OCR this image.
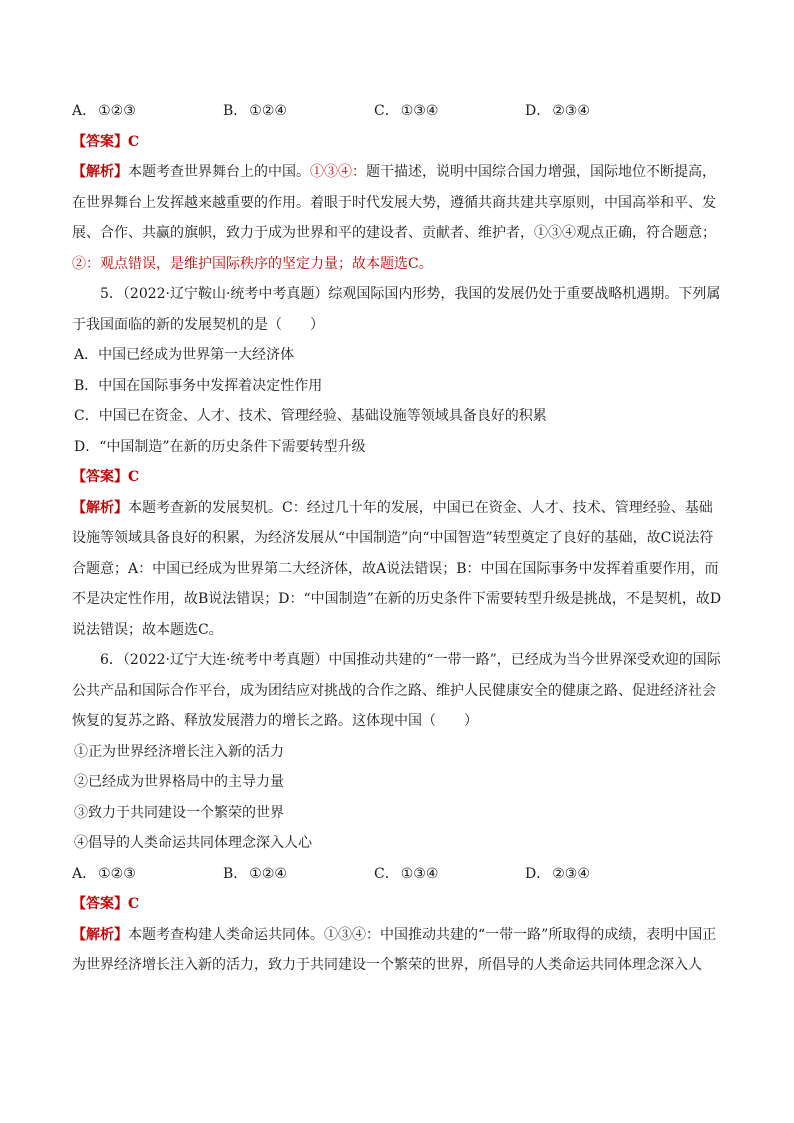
A． ①②③	B． ①②④	C． ①③④	D． ②③④
【答案】C
【解析】本题考查世界舞台上的中国。①③④：题干描述，说明中国综合国力增强，国际地位不断提高，在世界舞台上发挥越来越重要的作用。着眼于时代发展大势，遵循共商共建共享原则，中国高举和平、发展、合作、共赢的旗帜，致力于成为世界和平的建设者、贡献者、维护者，①③④观点正确，符合题意；②：观点错误，是维护国际秩序的坚定力量；故本题选C。
5．（2022·辽宁鞍山·统考中考真题）综观国际国内形势，我国的发展仍处于重要战略机遇期。下列属于我国面临的新的发展契机的是（　　）
A．中国已经成为世界第一大经济体
B．中国在国际事务中发挥着决定性作用
C．中国已在资金、人才、技术、管理经验、基础设施等领域具备良好的积累
D．“中国制造”在新的历史条件下需要转型升级
【答案】C
【解析】本题考查新的发展契机。C：经过几十年的发展，中国已在资金、人才、技术、管理经验、基础设施等领域具备良好的积累，为经济发展从“中国制造”向“中国智造”转型奠定了良好的基础，故C说法符合题意；A：中国已经成为世界第二大经济体，故A说法错误；B：中国在国际事务中发挥着重要作用，而不是决定性作用，故B说法错误；D：“中国制造”在新的历史条件下需要转型升级是挑战，不是契机，故D说法错误；故本题选C。
6．（2022·辽宁大连·统考中考真题）中国推动共建的“一带一路”，已经成为当今世界深受欢迎的国际公共产品和国际合作平台，成为团结应对挑战的合作之路、维护人民健康安全的健康之路、促进经济社会恢复的复苏之路、释放发展潜力的增长之路。这体现中国（　　）
①正为世界经济增长注入新的活力
②已经成为世界格局中的主导力量
③致力于共同建设一个繁荣的世界
④倡导的人类命运共同体理念深入人心
A． ①②③	B． ①②④	C． ①③④	D． ②③④
【答案】C
【解析】本题考查构建人类命运共同体。①③④：中国推动共建的“一带一路”所取得的成绩，表明中国正为世界经济增长注入新的活力，致力于共同建设一个繁荣的世界，所倡导的人类命运共同体理念深入人
